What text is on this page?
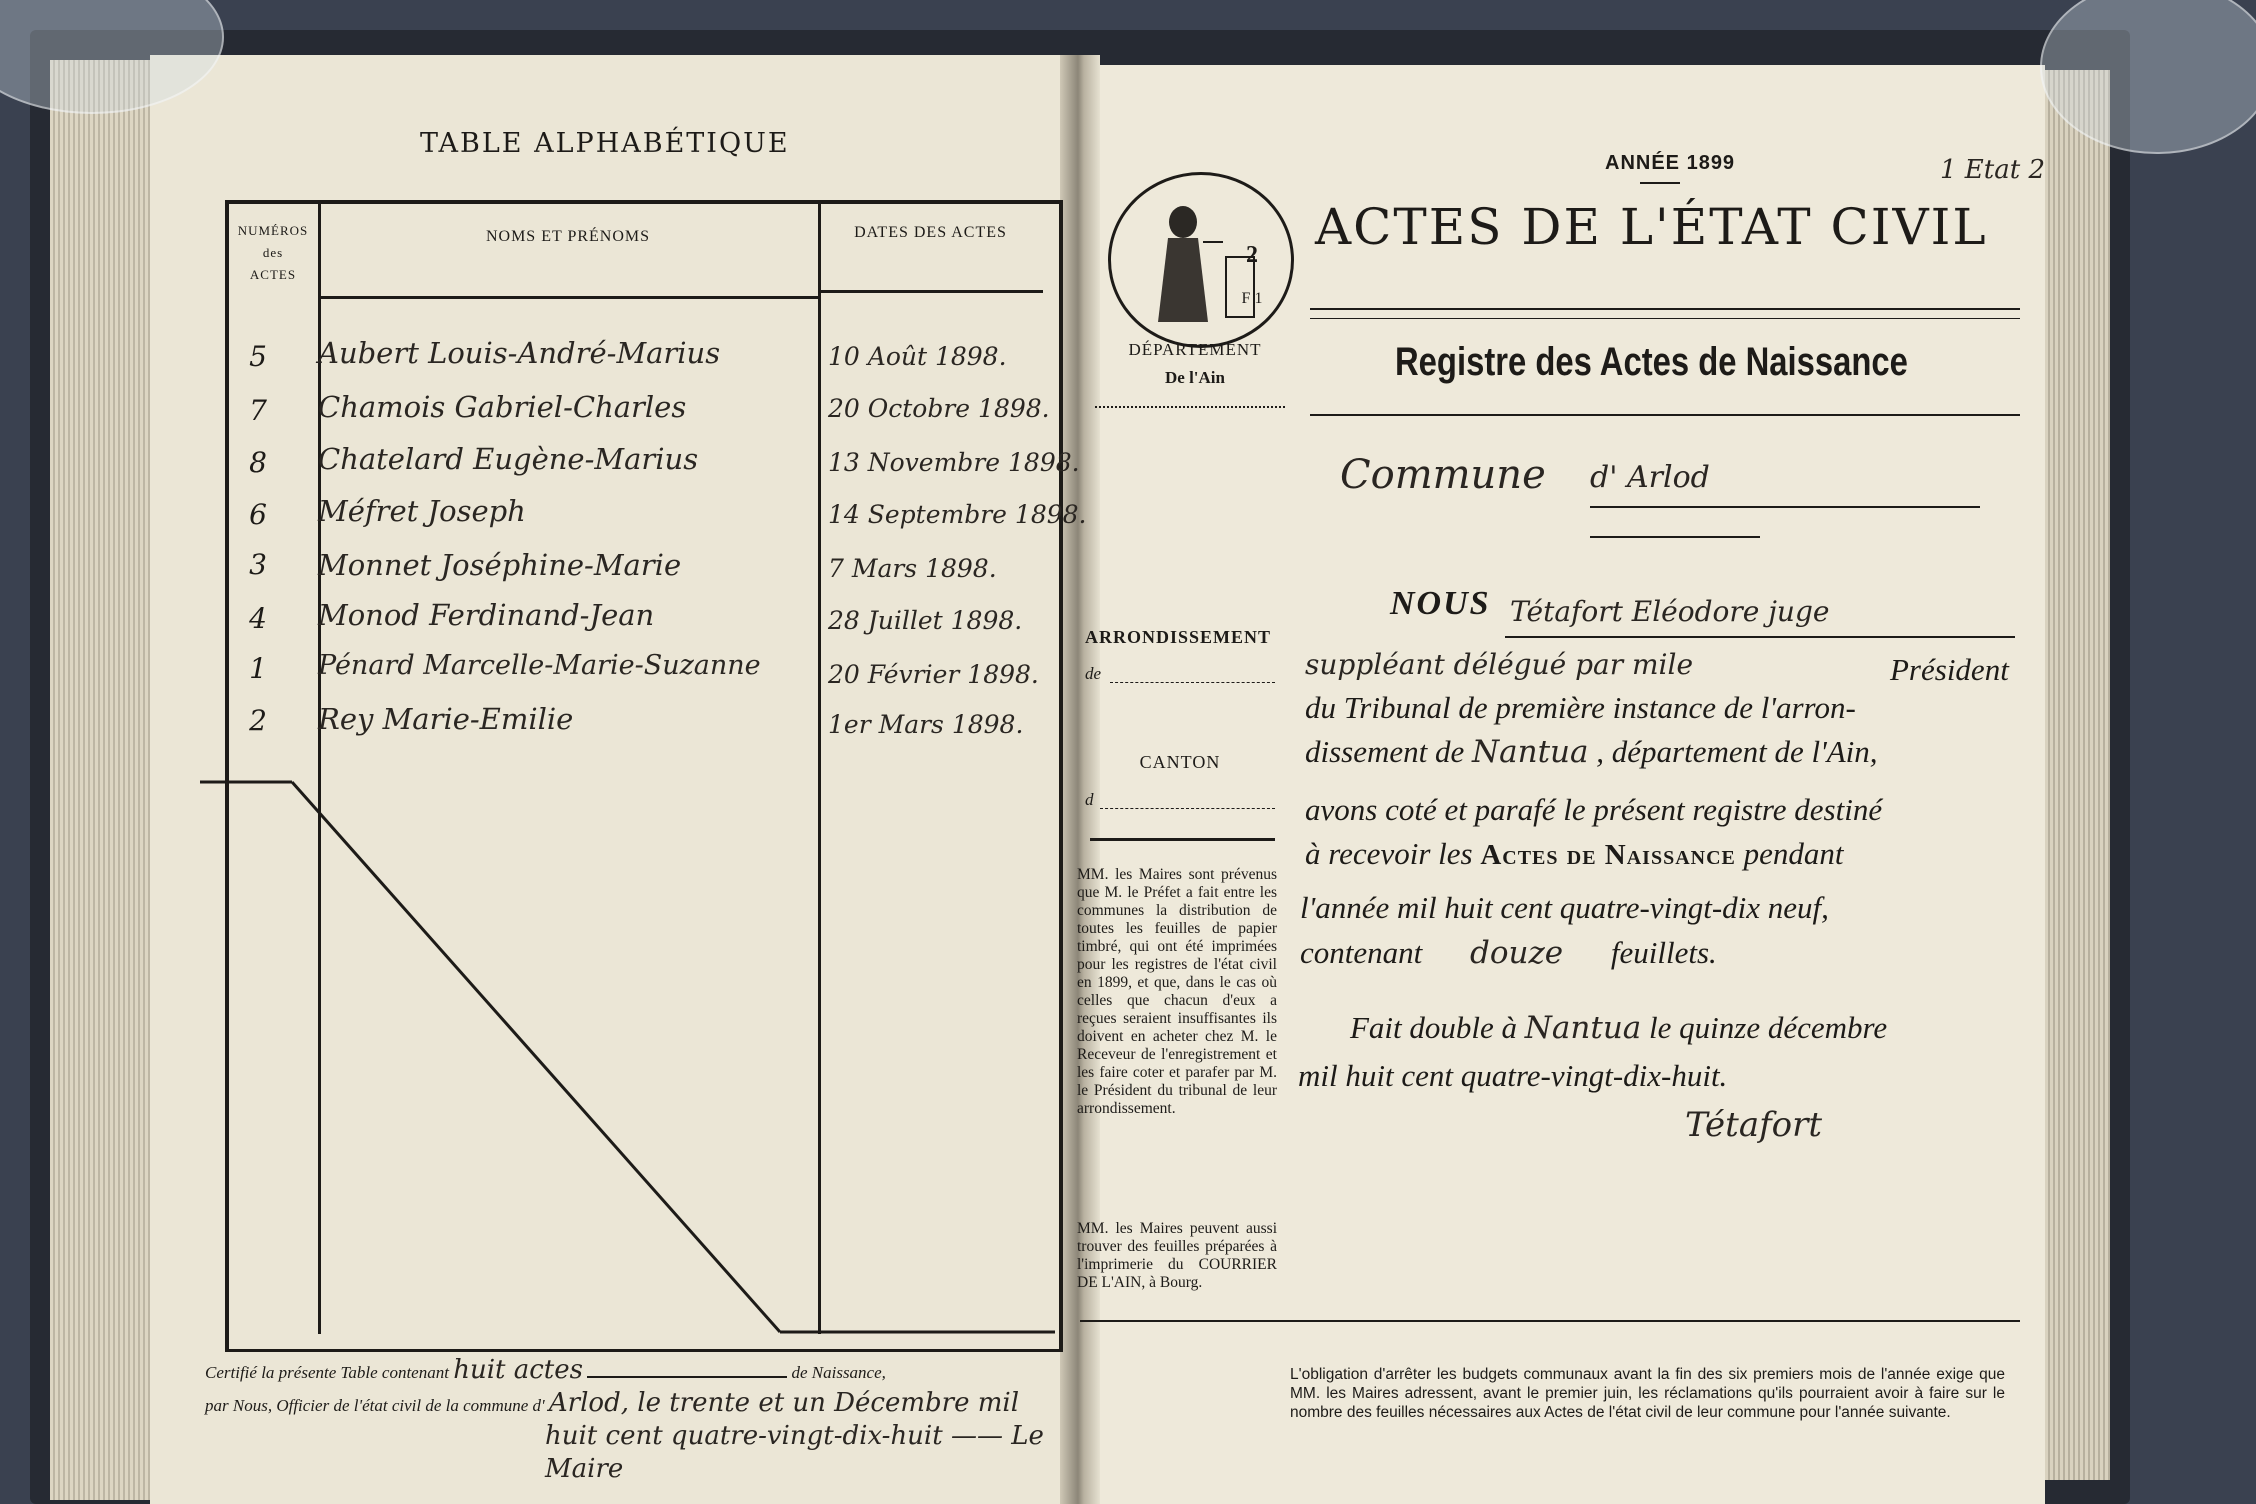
TABLE ALPHABÉTIQUE
NUMÉROS
des
ACTES
NOMS ET PRÉNOMS	DATES DES ACTES
5	Aubert Louis-André-Marius	10 Août 1898.
7	Chamois Gabriel-Charles	20 Octobre 1898.
8	Chatelard Eugène-Marius	13 Novembre 1898.
6	Méfret Joseph	14 Septembre 1898.
3	Monnet Joséphine-Marie	7 Mars 1898.
4	Monod Ferdinand-Jean	28 Juillet 1898.
1	Pénard Marcelle-Marie-Suzanne	20 Février 1898.
2	Rey Marie-Emilie	1er Mars 1898.
Certifié la présente Table contenant huit actes	de Naissance,
par Nous, Officier de l'état civil de la commune d' Arlod, le trente et un Décembre mil
huit cent quatre-vingt-dix-huit —— Le Maire
2
F 1
DÉPARTEMENT
De l'Ain
ANNÉE 1899	1 Etat 2
ACTES DE L'ÉTAT CIVIL
Registre des Actes de Naissance
Commune d' Arlod
NOUS Tétafort Eléodore juge
suppléant délégué par mile	Président
du Tribunal de première instance de l'arron-
dissement de Nantua , département de l'Ain,
avons coté et parafé le présent registre destiné
à recevoir les Actes de Naissance pendant
l'année mil huit cent quatre-vingt-dix neuf,
contenant douze feuillets.
Fait double à Nantua le quinze décembre
mil huit cent quatre-vingt-dix-huit.
Tétafort
ARRONDISSEMENT
de
CANTON
d
MM. les Maires sont prévenus que M. le Préfet a fait entre les communes la distribution de toutes les feuilles de papier timbré, qui ont été imprimées pour les registres de l'état civil en 1899, et que, dans le cas où celles que chacun d'eux a reçues seraient insuffisantes ils doivent en acheter chez M. le Receveur de l'enregistrement et les faire coter et parafer par M. le Président du tribunal de leur arrondissement.
MM. les Maires peuvent aussi trouver des feuilles préparées à l'imprimerie du COURRIER DE L'AIN, à Bourg.
L'obligation d'arrêter les budgets communaux avant la fin des six premiers mois de l'année exige que MM. les Maires adressent, avant le premier juin, les réclamations qu'ils pourraient avoir à faire sur le nombre des feuilles nécessaires aux Actes de l'état civil de leur commune pour l'année suivante.
